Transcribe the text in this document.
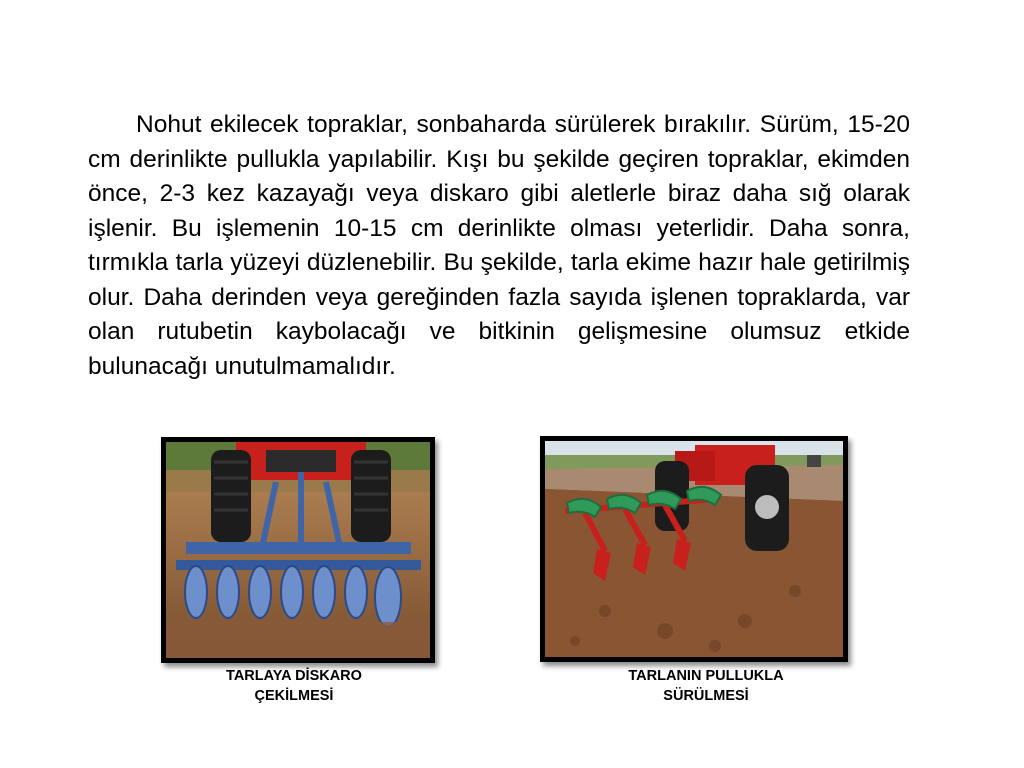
Nohut ekilecek topraklar, sonbaharda sürülerek bırakılır. Sürüm, 15-20 cm derinlikte pullukla yapılabilir. Kışı bu şekilde geçiren topraklar, ekimden önce, 2-3 kez kazayağı veya diskaro gibi aletlerle biraz daha sığ olarak işlenir. Bu işlemenin 10-15 cm derinlikte olması yeterlidir. Daha sonra, tırmıkla tarla yüzeyi düzlenebilir. Bu şekilde, tarla ekime hazır hale getirilmiş olur. Daha derinden veya gereğinden fazla sayıda işlenen topraklarda, var olan rutubetin kaybolacağı ve bitkinin gelişmesine olumsuz etkide bulunacağı unutulmamalıdır.

TARLAYA DİSKARO
ÇEKİLMESİ
TARLANIN PULLUKLA
SÜRÜLMESİ
